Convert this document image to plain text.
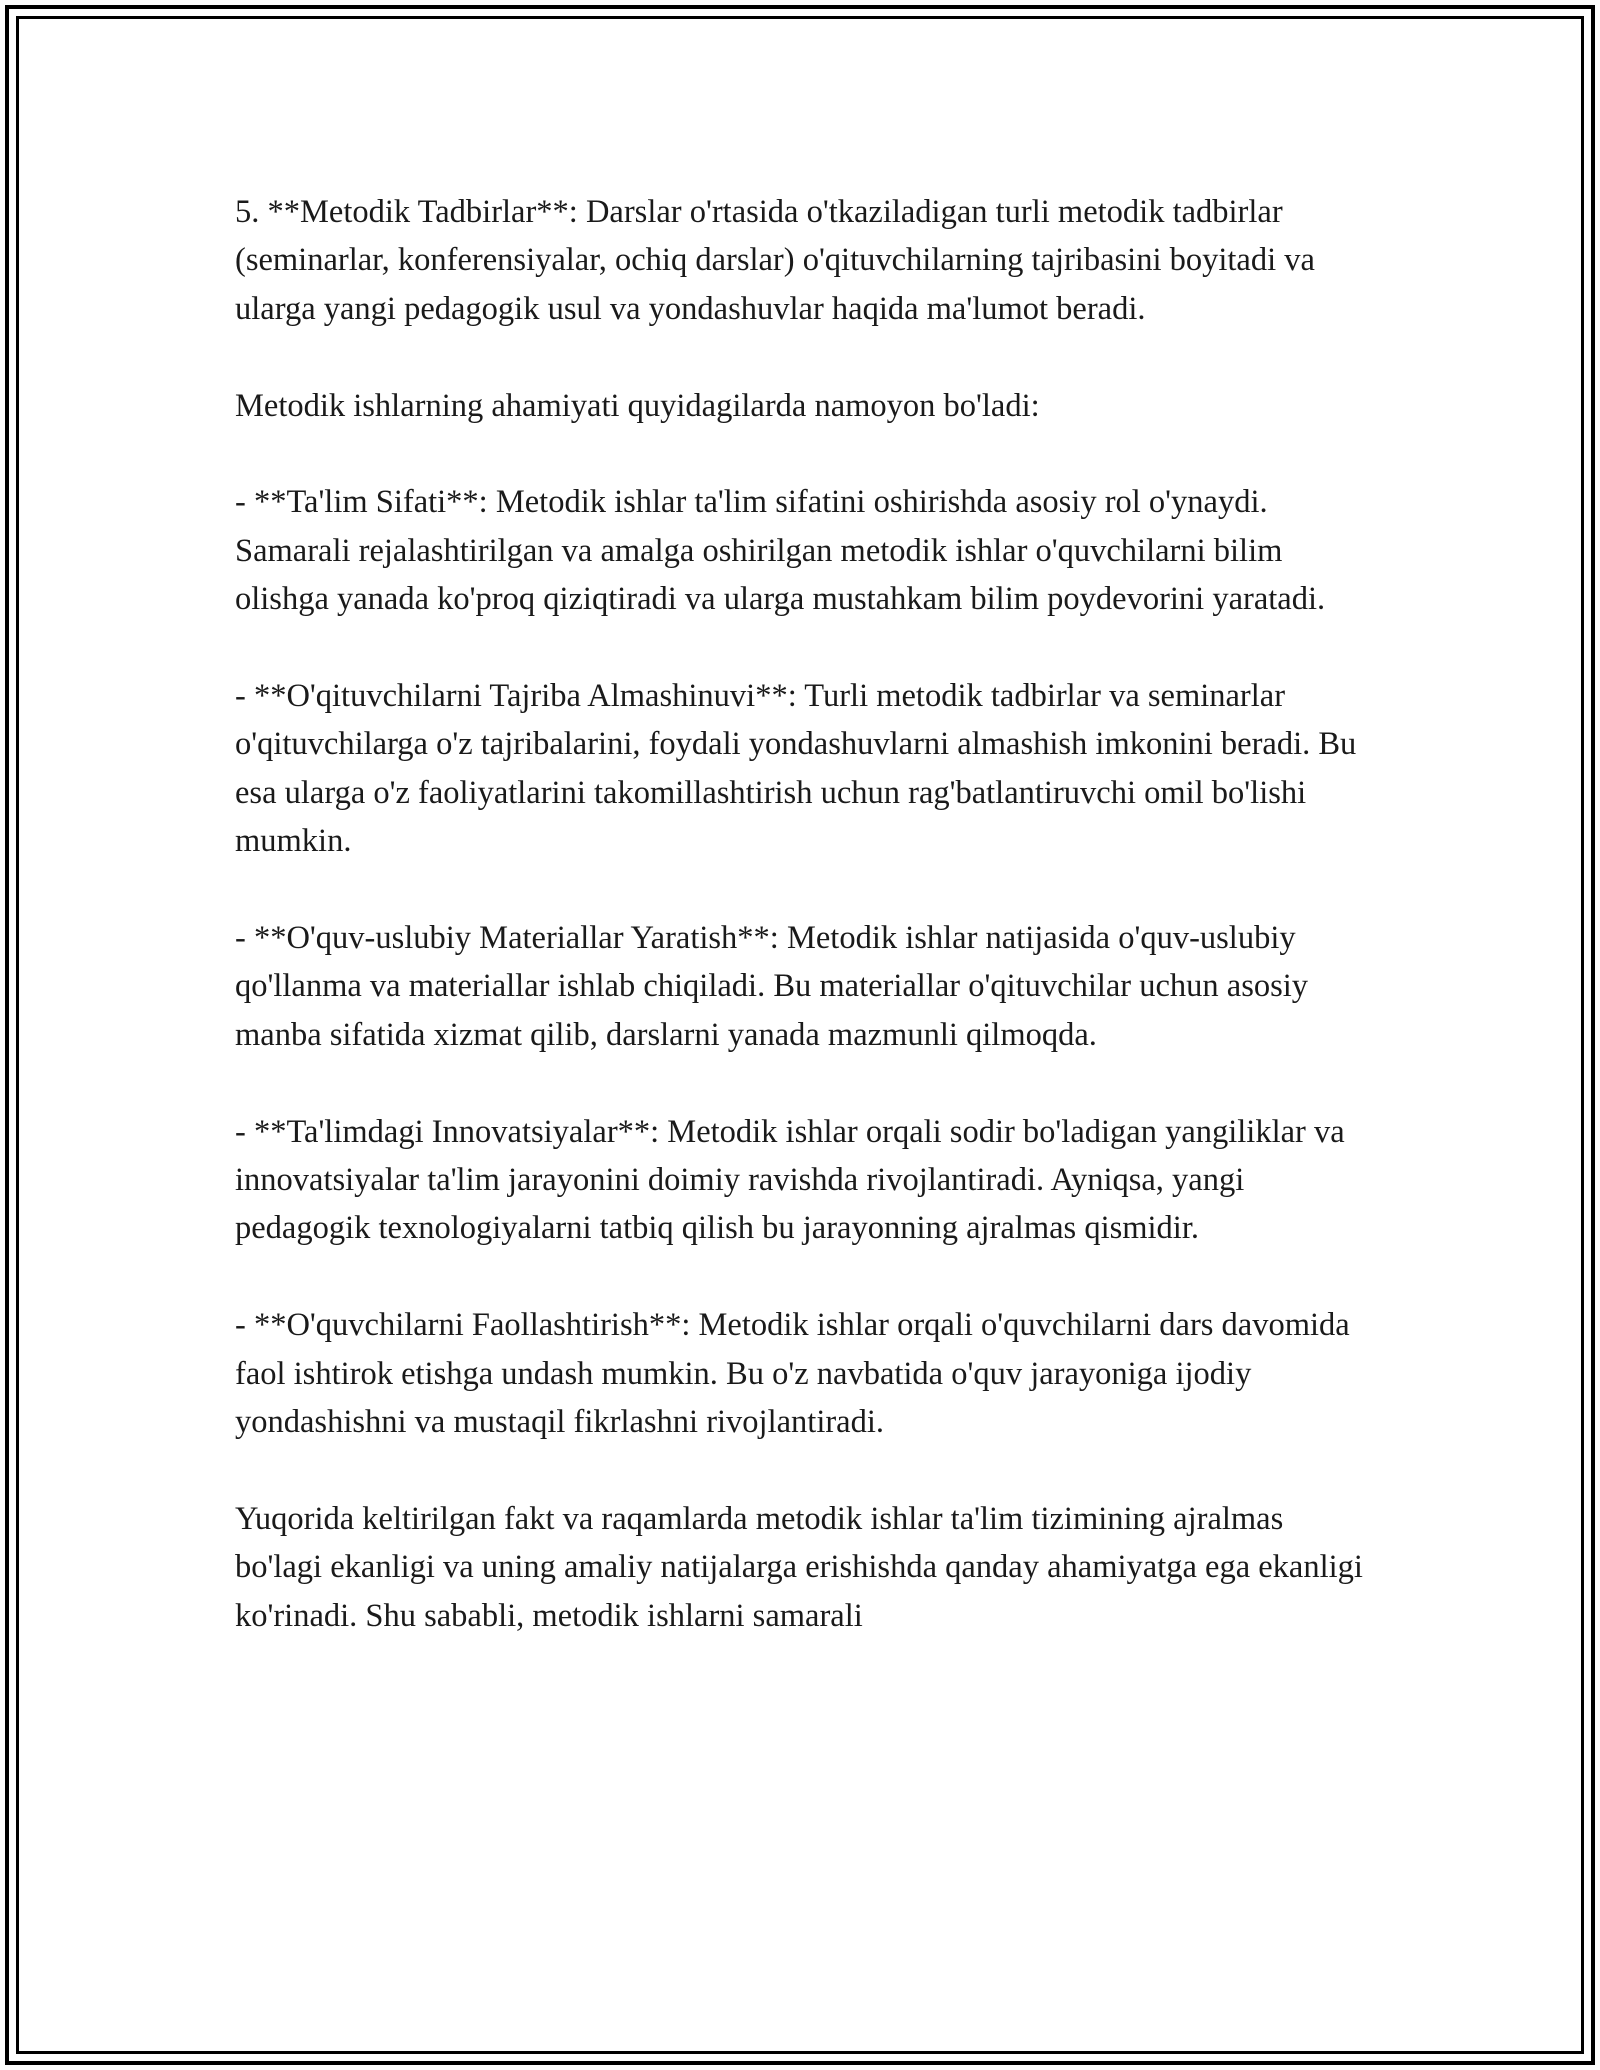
5. **Metodik Tadbirlar**: Darslar o'rtasida o'tkaziladigan turli metodik tadbirlar (seminarlar, konferensiyalar, ochiq darslar) o'qituvchilarning tajribasini boyitadi va ularga yangi pedagogik usul va yondashuvlar haqida ma'lumot beradi.

Metodik ishlarning ahamiyati quyidagilarda namoyon bo'ladi:

- **Ta'lim Sifati**: Metodik ishlar ta'lim sifatini oshirishda asosiy rol o'ynaydi. Samarali rejalashtirilgan va amalga oshirilgan metodik ishlar o'quvchilarni bilim olishga yanada ko'proq qiziqtiradi va ularga mustahkam bilim poydevorini yaratadi.

- **O'qituvchilarni Tajriba Almashinuvi**: Turli metodik tadbirlar va seminarlar o'qituvchilarga o'z tajribalarini, foydali yondashuvlarni almashish imkonini beradi. Bu esa ularga o'z faoliyatlarini takomillashtirish uchun rag'batlantiruvchi omil bo'lishi mumkin.

- **O'quv-uslubiy Materiallar Yaratish**: Metodik ishlar natijasida o'quv-uslubiy qo'llanma va materiallar ishlab chiqiladi. Bu materiallar o'qituvchilar uchun asosiy manba sifatida xizmat qilib, darslarni yanada mazmunli qilmoqda.

- **Ta'limdagi Innovatsiyalar**: Metodik ishlar orqali sodir bo'ladigan yangiliklar va innovatsiyalar ta'lim jarayonini doimiy ravishda rivojlantiradi. Ayniqsa, yangi pedagogik texnologiyalarni tatbiq qilish bu jarayonning ajralmas qismidir.

- **O'quvchilarni Faollashtirish**: Metodik ishlar orqali o'quvchilarni dars davomida faol ishtirok etishga undash mumkin. Bu o'z navbatida o'quv jarayoniga ijodiy yondashishni va mustaqil fikrlashni rivojlantiradi.

Yuqorida keltirilgan fakt va raqamlarda metodik ishlar ta'lim tizimining ajralmas bo'lagi ekanligi va uning amaliy natijalarga erishishda qanday ahamiyatga ega ekanligi ko'rinadi. Shu sababli, metodik ishlarni samarali
